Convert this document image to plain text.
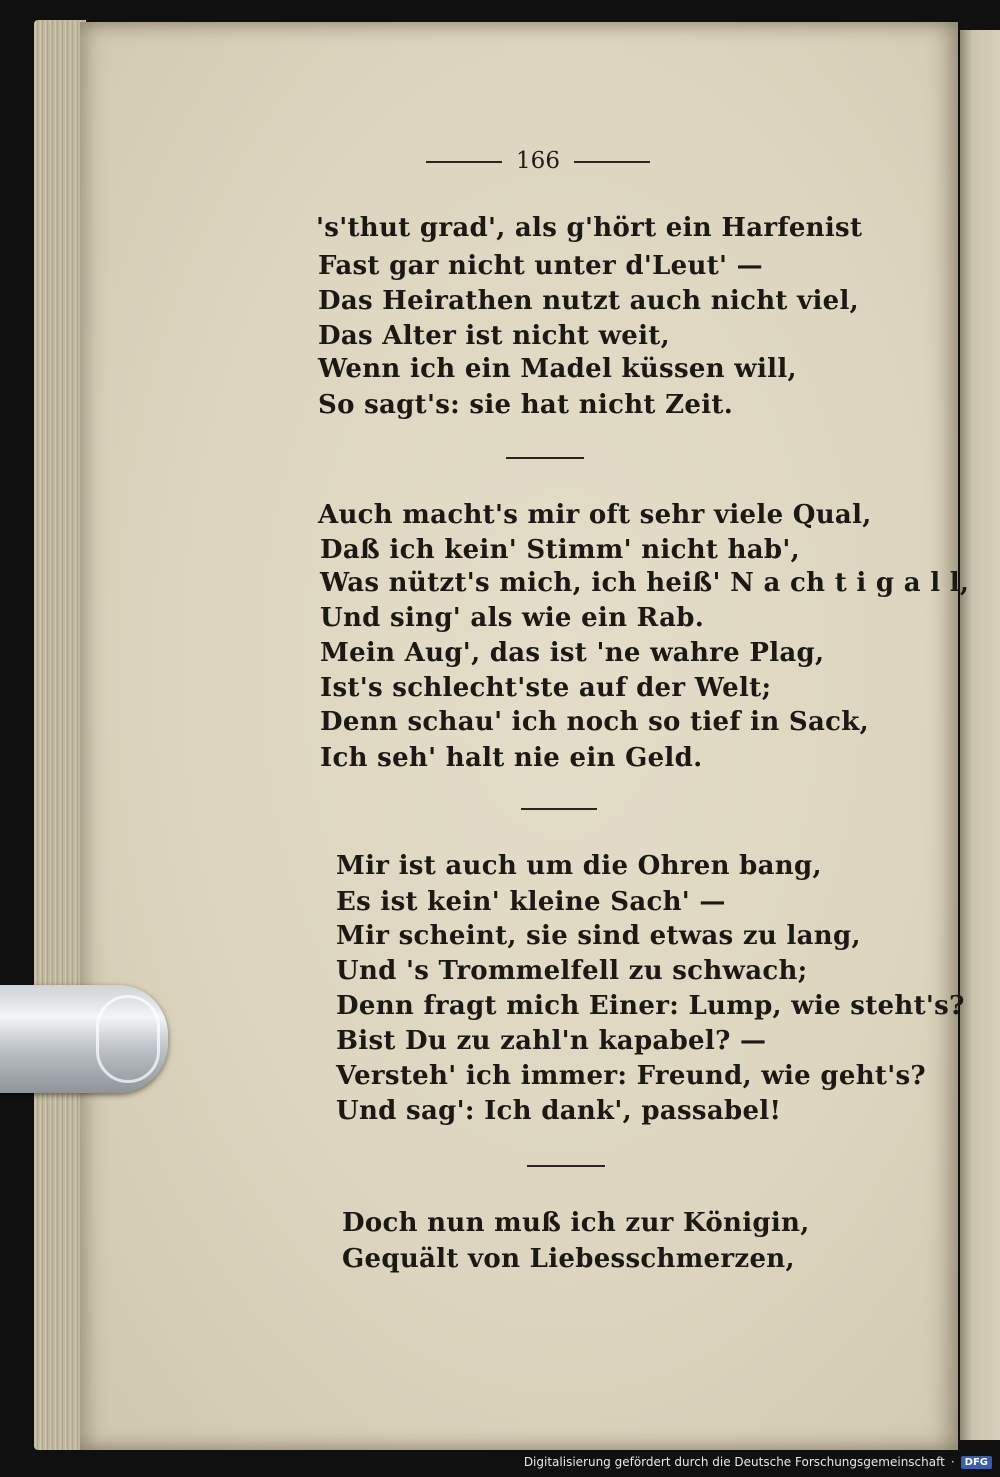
166
's'thut grad', als g'hört ein Harfenist
Fast gar nicht unter d'Leut' —
Das Heirathen nutzt auch nicht viel,
Das Alter ist nicht weit,
Wenn ich ein Madel küssen will,
So sagt's: sie hat nicht Zeit.
Auch macht's mir oft sehr viele Qual,
Daß ich kein' Stimm' nicht hab',
Was nützt's mich, ich heiß' N a ch t i g a l l,
Und sing' als wie ein Rab.
Mein Aug', das ist 'ne wahre Plag,
Ist's schlecht'ste auf der Welt;
Denn schau' ich noch so tief in Sack,
Ich seh' halt nie ein Geld.
Mir ist auch um die Ohren bang,
Es ist kein' kleine Sach' —
Mir scheint, sie sind etwas zu lang,
Und 's Trommelfell zu schwach;
Denn fragt mich Einer: Lump, wie steht's?
Bist Du zu zahl'n kapabel? —
Versteh' ich immer: Freund, wie geht's?
Und sag': Ich dank', passabel!
Doch nun muß ich zur Königin,
Gequält von Liebesschmerzen,
Digitalisierung gefördert durch die Deutsche Forschungsgemeinschaft ·	DFG
